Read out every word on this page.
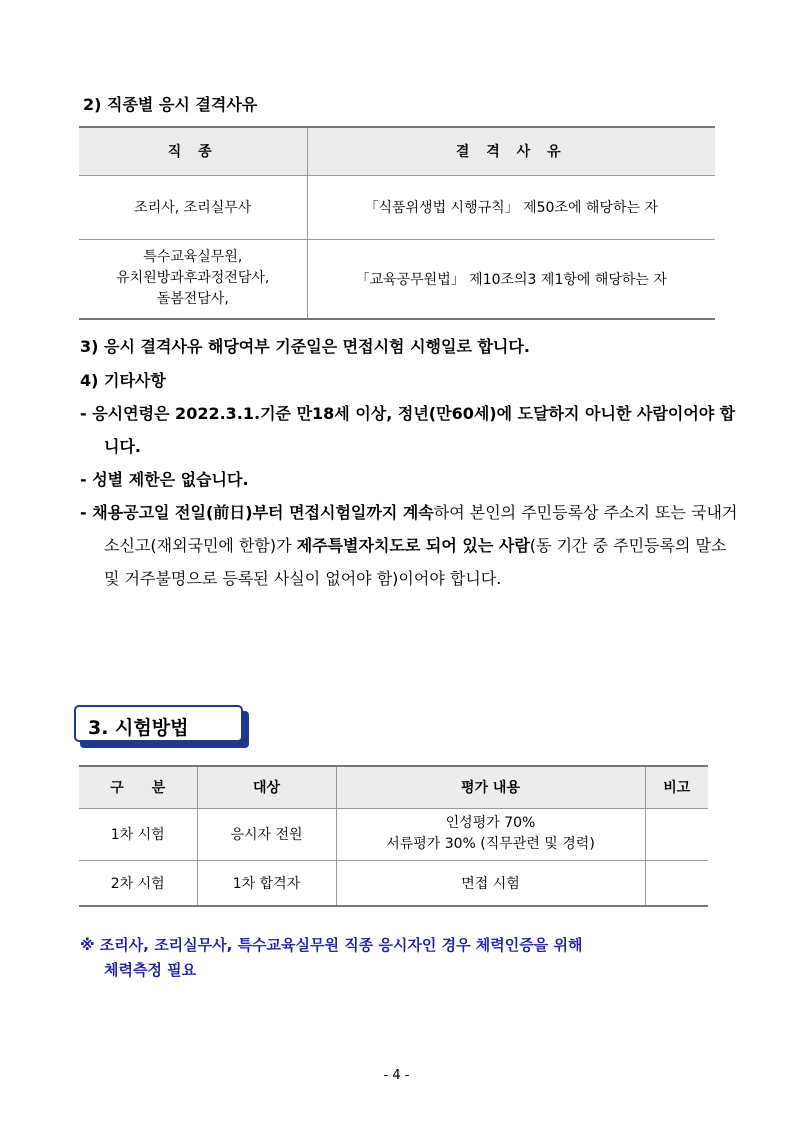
2) 직종별 응시 결격사유
직 종	결 격 사 유
조리사, 조리실무사	「식품위생법 시행규칙」 제50조에 해당하는 자

특수교육실무원,
유치원방과후과정전담사,
돌봄전담사,	「교육공무원법」 제10조의3 제1항에 해당하는 자
3) 응시 결격사유 해당여부 기준일은 면접시험 시행일로 합니다.
4) 기타사항
- 응시연령은 2022.3.1.기준 만18세 이상, 정년(만60세)에 도달하지 아니한 사람이어야 합니다.
- 성별 제한은 없습니다.
- 채용공고일 전일(前日)부터 면접시험일까지 계속하여 본인의 주민등록상 주소지 또는 국내거소신고(재외국민에 한함)가 제주특별자치도로 되어 있는 사람(동 기간 중 주민등록의 말소 및 거주불명으로 등록된 사실이 없어야 함)이어야 합니다.
3. 시험방법
구　　분	대상	평가 내용	비고
1차 시험	응시자 전원	인성평가 70%
서류평가 30% (직무관련 및 경력)	

2차 시험	1차 합격자	면접 시험	
※ 조리사, 조리실무사, 특수교육실무원 직종 응시자인 경우 체력인증을 위해
체력측정 필요
- 4 -
